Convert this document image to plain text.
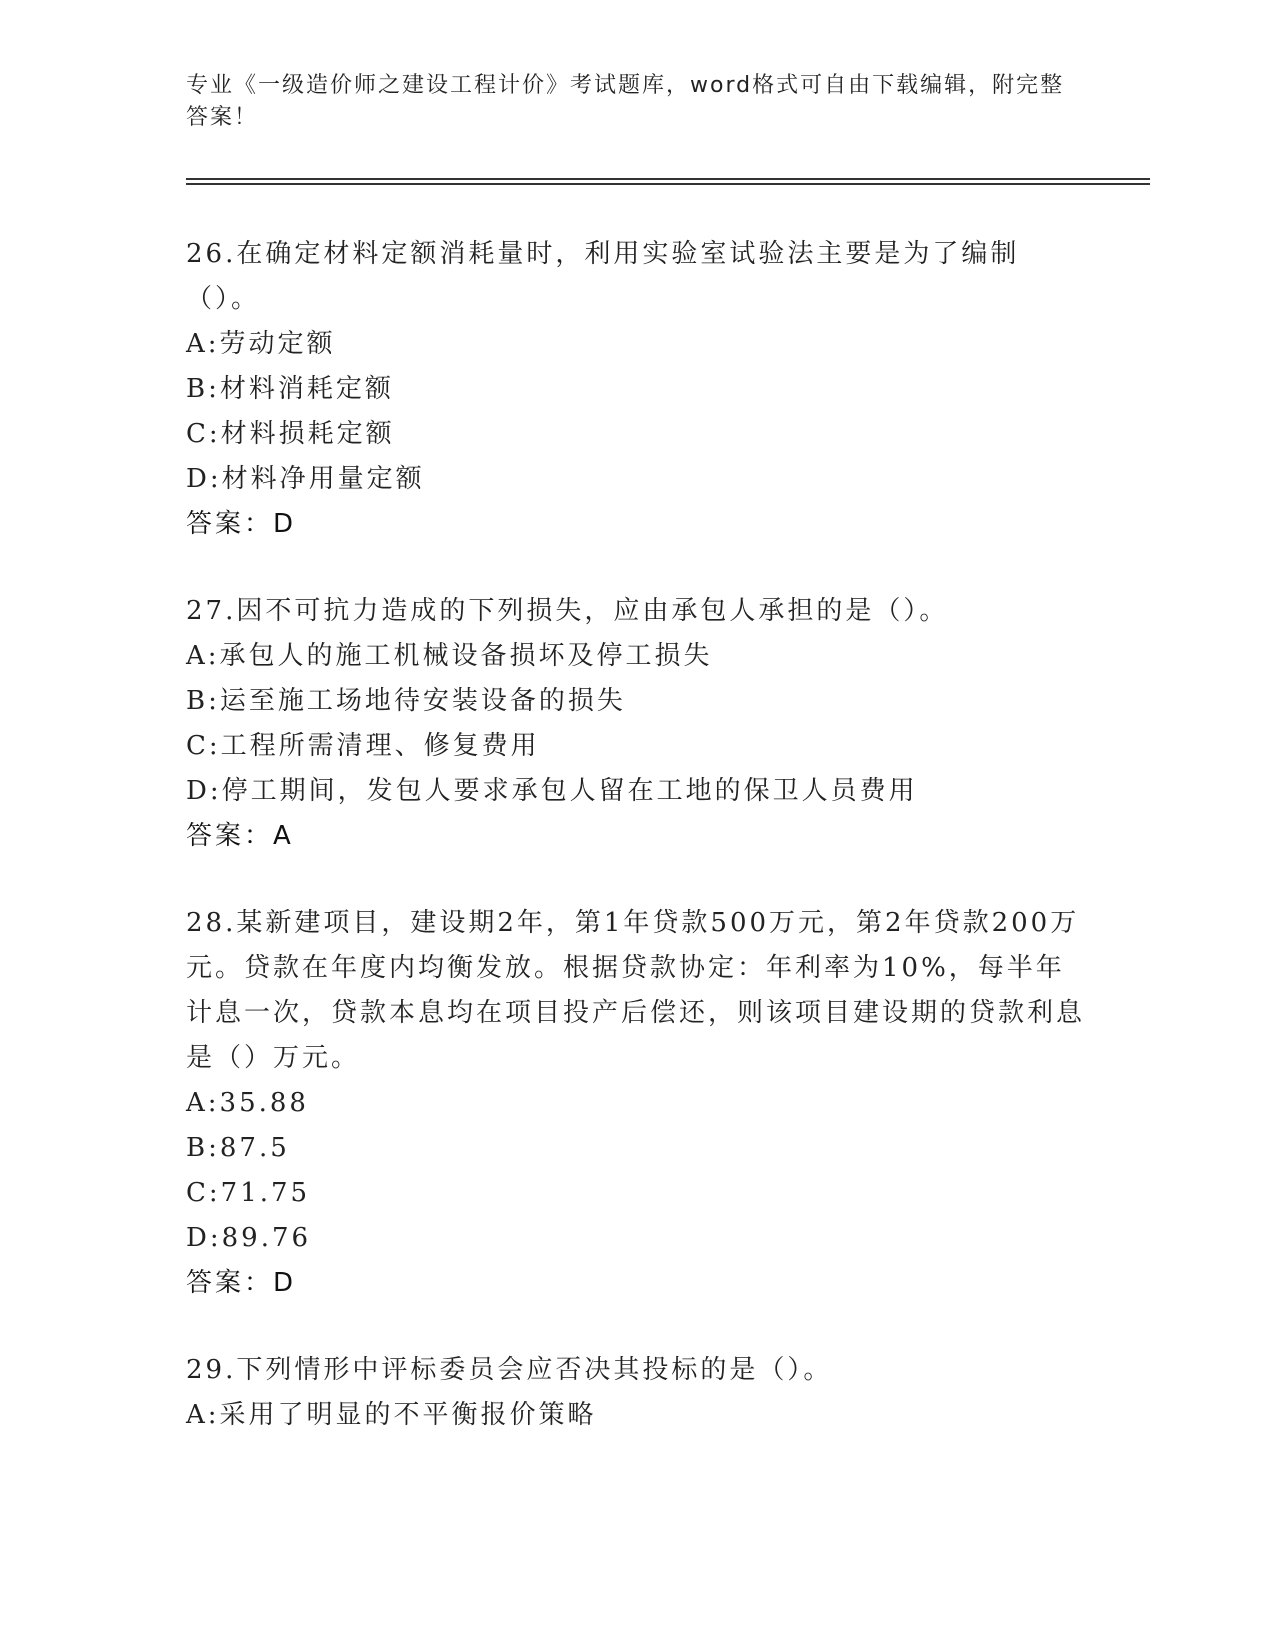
专业《一级造价师之建设工程计价》考试题库，word格式可自由下载编辑，附完整答案！

26.在确定材料定额消耗量时，利用实验室试验法主要是为了编制（）。

A:劳动定额

B:材料消耗定额

C:材料损耗定额

D:材料净用量定额

答案：D

27.因不可抗力造成的下列损失，应由承包人承担的是（）。

A:承包人的施工机械设备损坏及停工损失

B:运至施工场地待安装设备的损失

C:工程所需清理、修复费用

D:停工期间，发包人要求承包人留在工地的保卫人员费用

答案：A

28.某新建项目，建设期2年，第1年贷款500万元，第2年贷款200万元。贷款在年度内均衡发放。根据贷款协定：年利率为10%，每半年计息一次，贷款本息均在项目投产后偿还，则该项目建设期的贷款利息是（）万元。

A:35.88

B:87.5

C:71.75

D:89.76

答案：D

29.下列情形中评标委员会应否决其投标的是（）。

A:采用了明显的不平衡报价策略
